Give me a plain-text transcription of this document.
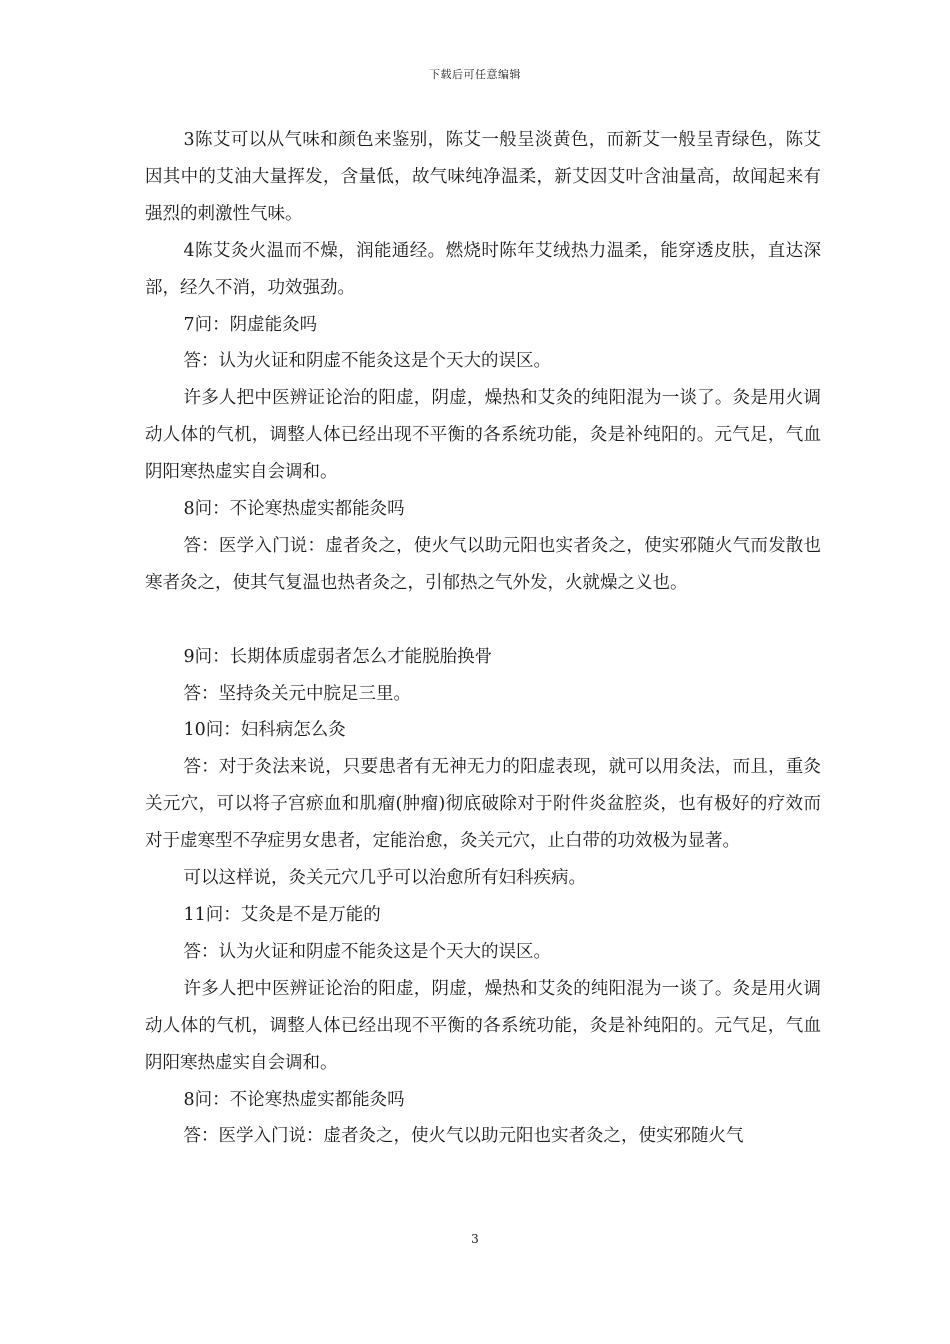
下载后可任意编辑

3陈艾可以从气味和颜色来鉴别，陈艾一般呈淡黄色，而新艾一般呈青绿色，陈艾因其中的艾油大量挥发，含量低，故气味纯净温柔，新艾因艾叶含油量高，故闻起来有强烈的刺激性气味。

4陈艾灸火温而不燥，润能通经。燃烧时陈年艾绒热力温柔，能穿透皮肤，直达深部，经久不消，功效强劲。

7问：阴虚能灸吗

答：认为火证和阴虚不能灸这是个天大的误区。

许多人把中医辨证论治的阳虚，阴虚，燥热和艾灸的纯阳混为一谈了。灸是用火调动人体的气机，调整人体已经出现不平衡的各系统功能，灸是补纯阳的。元气足，气血阴阳寒热虚实自会调和。

8问：不论寒热虚实都能灸吗

答：医学入门说：虚者灸之，使火气以助元阳也实者灸之，使实邪随火气而发散也寒者灸之，使其气复温也热者灸之，引郁热之气外发，火就燥之义也。

9问：长期体质虚弱者怎么才能脱胎换骨

答：坚持灸关元中脘足三里。

10问：妇科病怎么灸

答：对于灸法来说，只要患者有无神无力的阳虚表现，就可以用灸法，而且，重灸关元穴，可以将子宫瘀血和肌瘤(肿瘤)彻底破除对于附件炎盆腔炎，也有极好的疗效而对于虚寒型不孕症男女患者，定能治愈，灸关元穴，止白带的功效极为显著。

可以这样说，灸关元穴几乎可以治愈所有妇科疾病。

11问：艾灸是不是万能的

答：认为火证和阴虚不能灸这是个天大的误区。

许多人把中医辨证论治的阳虚，阴虚，燥热和艾灸的纯阳混为一谈了。灸是用火调动人体的气机，调整人体已经出现不平衡的各系统功能，灸是补纯阳的。元气足，气血阴阳寒热虚实自会调和。

8问：不论寒热虚实都能灸吗

答：医学入门说：虚者灸之，使火气以助元阳也实者灸之，使实邪随火气

3
